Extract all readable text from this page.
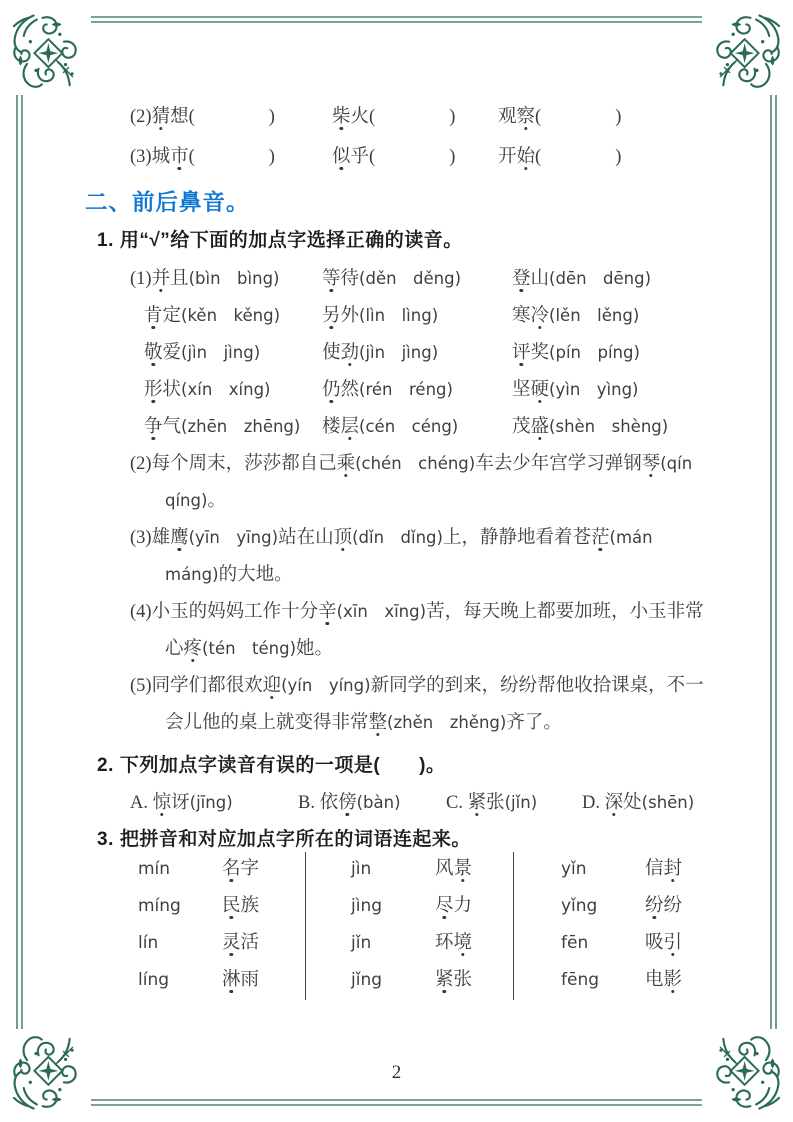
(2)猜想(　　　　)	柴火(　　　　)	观察(　　　　)
(3)城市(　　　　)	似乎(　　　　)	开始(　　　　)
二、前后鼻音。
1. 用“√”给下面的加点字选择正确的读音。
(1)并且(bìn　bìng)	等待(děn　děng)	登山(dēn　dēng)
肯定(kěn　kěng)	另外(lìn　lìng)	寒冷(lěn　lěng)
敬爱(jìn　jìng)	使劲(jìn　jìng)	评奖(pín　píng)
形状(xín　xíng)	仍然(rén　réng)	坚硬(yìn　yìng)
争气(zhēn　zhēng)	楼层(cén　céng)	茂盛(shèn　shèng)
(2)每个周末，莎莎都自己乘(chén　chéng)车去少年宫学习弹钢琴(qín
qíng)。
(3)雄鹰(yīn　yīng)站在山顶(dǐn　dǐng)上，静静地看着苍茫(mán
máng)的大地。
(4)小玉的妈妈工作十分辛(xīn　xīng)苦，每天晚上都要加班，小玉非常
心疼(tén　téng)她。
(5)同学们都很欢迎(yín　yíng)新同学的到来，纷纷帮他收拾课桌，不一
会儿他的桌上就变得非常整(zhěn　zhěng)齐了。
2. 下列加点字读音有误的一项是(　　)。
A. 惊讶(jīng)	B. 依傍(bàn)	C. 紧张(jǐn)	D. 深处(shēn)
3. 把拼音和对应加点字所在的词语连起来。
mín	名字
míng	民族
lín	灵活
líng	淋雨
jìn	风景
jìng	尽力
jǐn	环境
jǐng	紧张
yǐn	信封
yǐng	纷纷
fēn	吸引
fēng	电影
2
